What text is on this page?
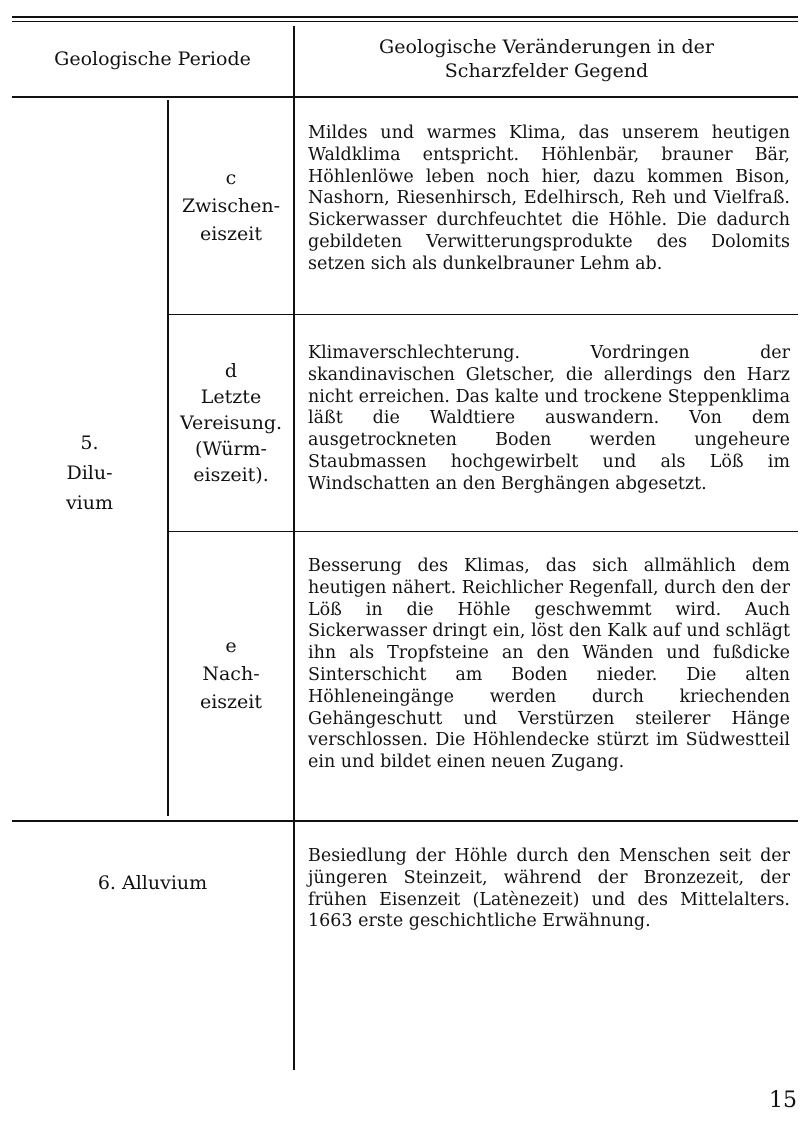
Geologische Periode
Geologische Veränderungen in der
Scharzfelder Gegend
5.
Dilu-
vium
c
Zwischen-
eiszeit
Mildes und warmes Klima, das unserem heutigen Waldklima entspricht. Höhlenbär, brauner Bär, Höhlenlöwe leben noch hier, dazu kommen Bison, Nashorn, Riesenhirsch, Edelhirsch, Reh und Vielfraß. Sickerwasser durchfeuchtet die Höhle. Die dadurch gebildeten Verwitterungsprodukte des Dolomits setzen sich als dunkelbrauner Lehm ab.
d
Letzte
Vereisung.
(Würm-
eiszeit).
Klimaverschlechterung. Vordringen der skandinavischen Gletscher, die allerdings den Harz nicht erreichen. Das kalte und trockene Steppenklima läßt die Waldtiere auswandern. Von dem ausgetrockneten Boden werden ungeheure Staubmassen hochgewirbelt und als Löß im Windschatten an den Berghängen abgesetzt.
e
Nach-
eiszeit
Besserung des Klimas, das sich allmählich dem heutigen nähert. Reichlicher Regenfall, durch den der Löß in die Höhle geschwemmt wird. Auch Sickerwasser dringt ein, löst den Kalk auf und schlägt ihn als Tropfsteine an den Wänden und fußdicke Sinterschicht am Boden nieder. Die alten Höhleneingänge werden durch kriechenden Gehängeschutt und Verstürzen steilerer Hänge verschlossen. Die Höhlendecke stürzt im Südwestteil ein und bildet einen neuen Zugang.
6. Alluvium
Besiedlung der Höhle durch den Menschen seit der jüngeren Steinzeit, während der Bronzezeit, der frühen Eisenzeit (Latènezeit) und des Mittelalters. 1663 erste geschichtliche Erwähnung.
15
